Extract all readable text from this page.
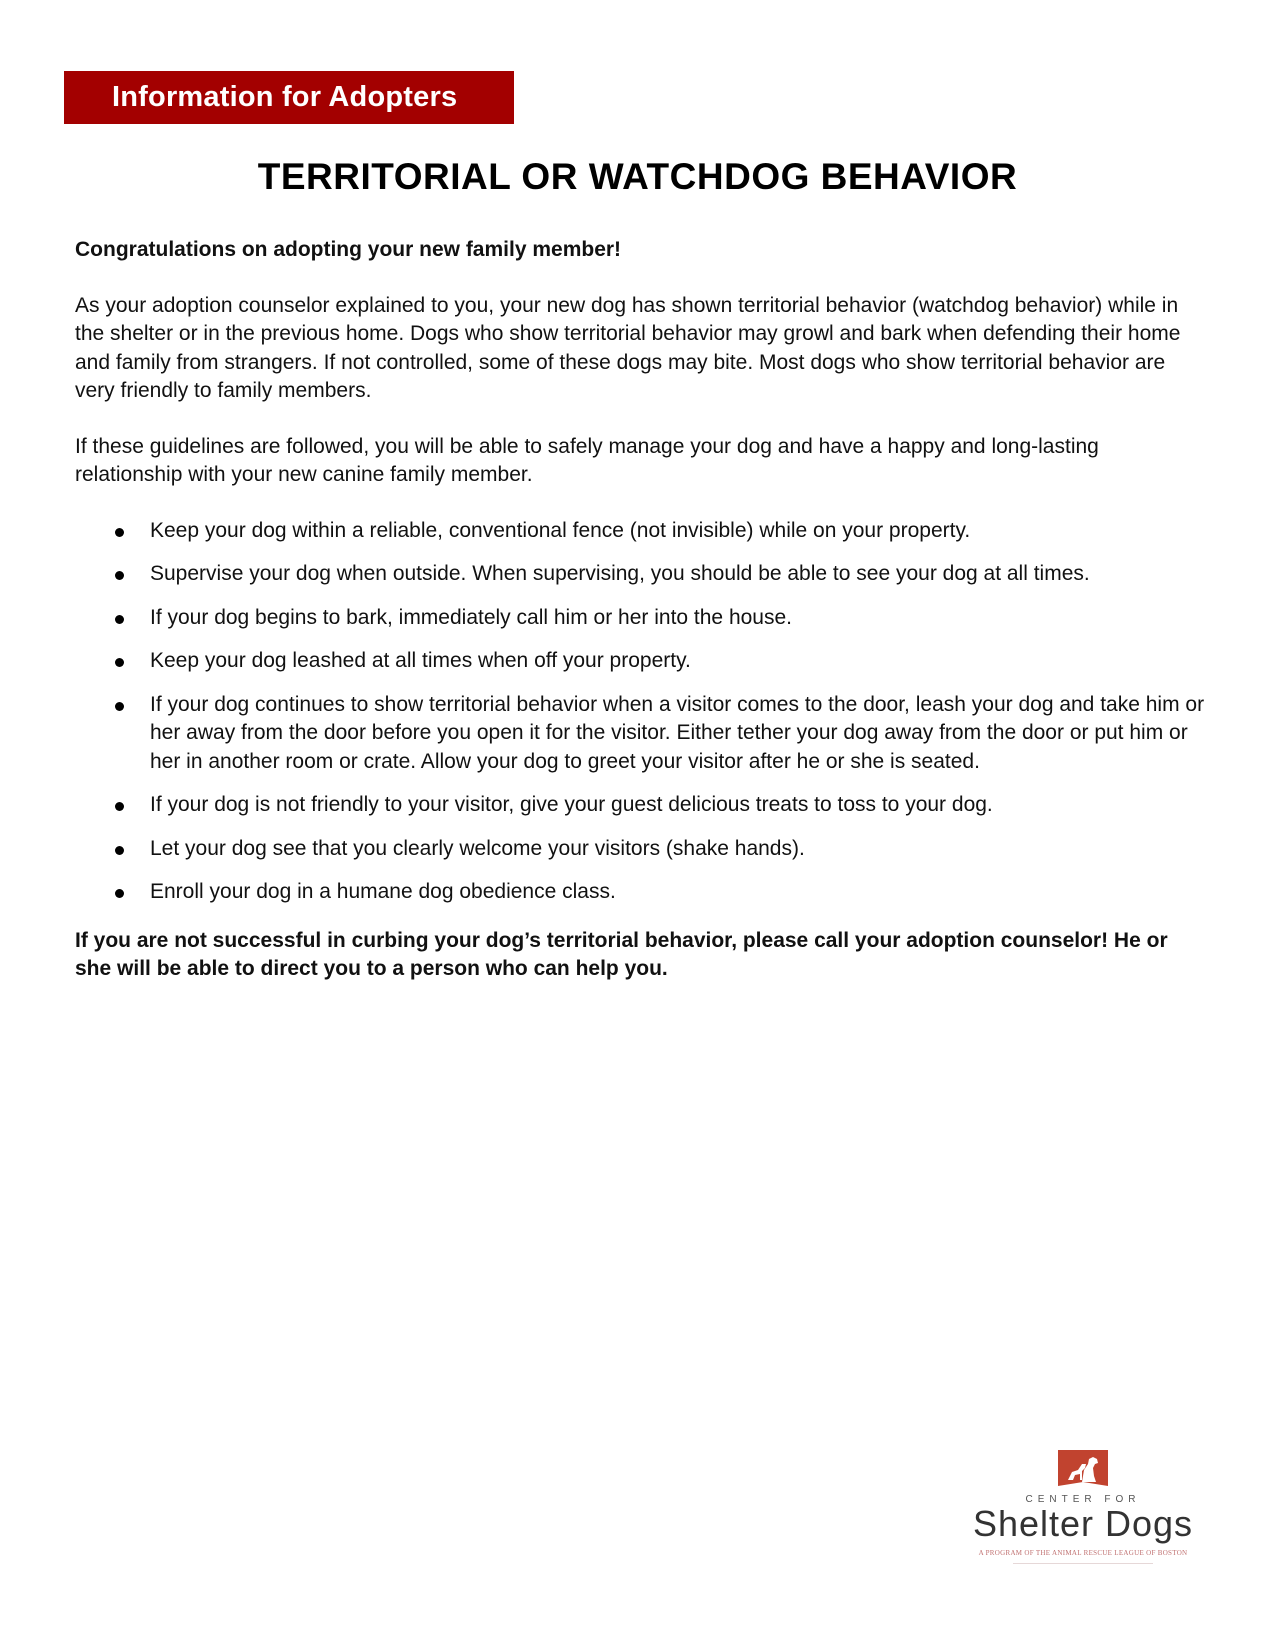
Information for Adopters
TERRITORIAL OR WATCHDOG BEHAVIOR

Congratulations on adopting your new family member!

As your adoption counselor explained to you, your new dog has shown territorial behavior (watchdog behavior) while in the shelter or in the previous home. Dogs who show territorial behavior may growl and bark when defending their home and family from strangers. If not controlled, some of these dogs may bite. Most dogs who show territorial behavior are very friendly to family members.

If these guidelines are followed, you will be able to safely manage your dog and have a happy and long-lasting relationship with your new canine family member.

Keep your dog within a reliable, conventional fence (not invisible) while on your property.
Supervise your dog when outside. When supervising, you should be able to see your dog at all times.
If your dog begins to bark, immediately call him or her into the house.
Keep your dog leashed at all times when off your property.
If your dog continues to show territorial behavior when a visitor comes to the door, leash your dog and take him or her away from the door before you open it for the visitor. Either tether your dog away from the door or put him or her in another room or crate. Allow your dog to greet your visitor after he or she is seated.
If your dog is not friendly to your visitor, give your guest delicious treats to toss to your dog.
Let your dog see that you clearly welcome your visitors (shake hands).
Enroll your dog in a humane dog obedience class.

If you are not successful in curbing your dog’s territorial behavior, please call your adoption counselor! He or she will be able to direct you to a person who can help you.

CENTER FOR
Shelter Dogs
A PROGRAM OF THE ANIMAL RESCUE LEAGUE OF BOSTON
